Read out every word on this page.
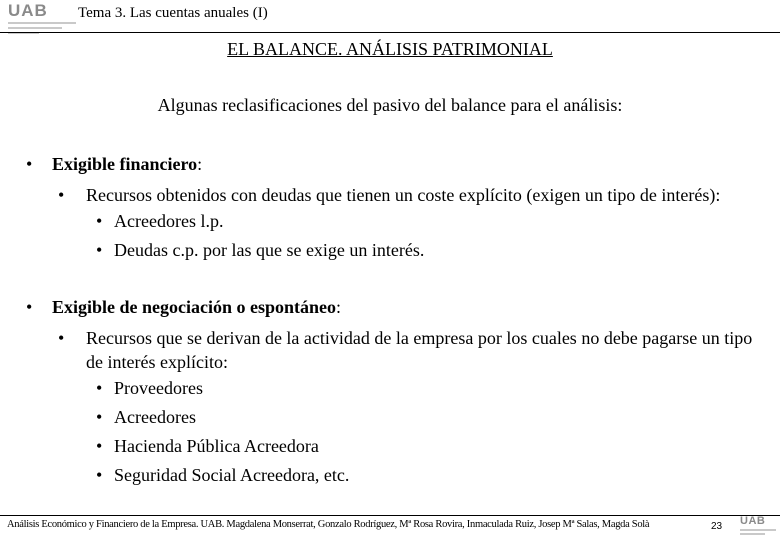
UAB	Tema 3. Las cuentas anuales (I)
EL BALANCE. ANÁLISIS PATRIMONIAL
Algunas reclasificaciones del pasivo del balance para el análisis:
• Exigible financiero:
• Recursos obtenidos con deudas que tienen un coste explícito (exigen un tipo de interés):
• Acreedores l.p.
• Deudas c.p. por las que se exige un interés.
• Exigible de negociación o espontáneo:
• Recursos que se derivan de la actividad de la empresa por los cuales no debe pagarse un tipo de interés explícito:
• Proveedores
• Acreedores
• Hacienda Pública Acreedora
• Seguridad Social Acreedora, etc.
Análisis Económico y Financiero de la Empresa. UAB. Magdalena Monserrat, Gonzalo Rodríguez, Mª Rosa Rovira, Inmaculada Ruiz, Josep Mª Salas, Magda Solà	23 UAB
